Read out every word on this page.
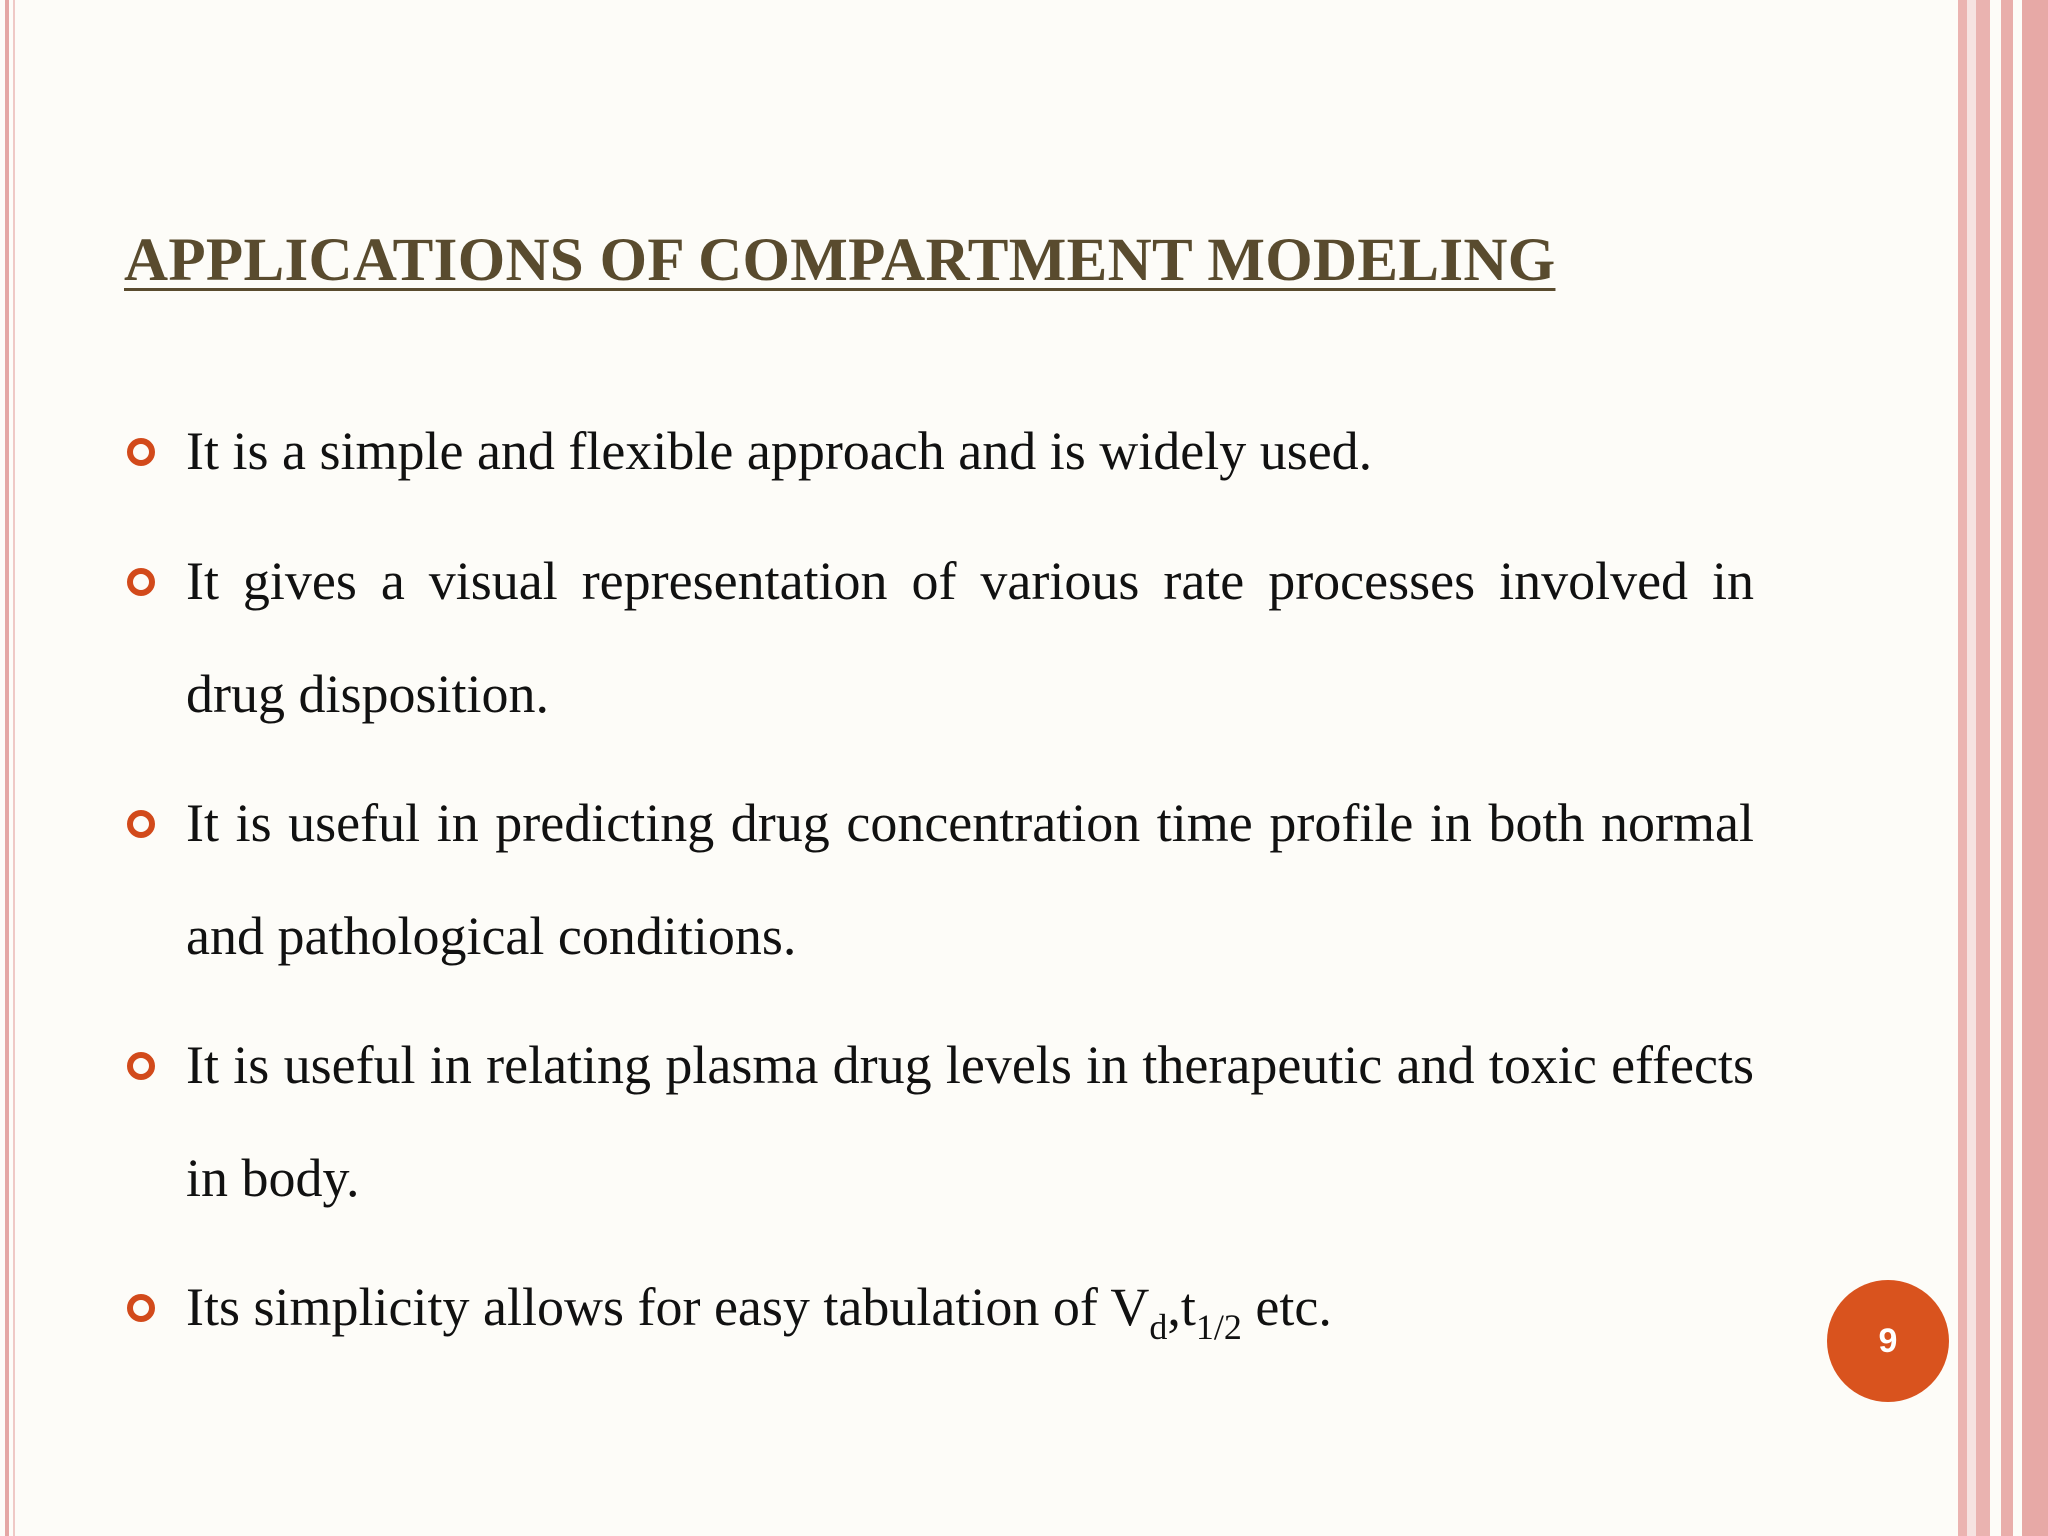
APPLICATIONS OF COMPARTMENT MODELING
It is a simple and flexible approach and is widely used.
It gives a visual representation of various rate processes involved in drug disposition.
It is useful in predicting drug concentration time profile in both normal and pathological conditions.
It is useful in relating plasma drug levels in therapeutic and toxic effects in body.
Its simplicity allows for easy tabulation of $V_d,t_{1/2}$ etc.
9
